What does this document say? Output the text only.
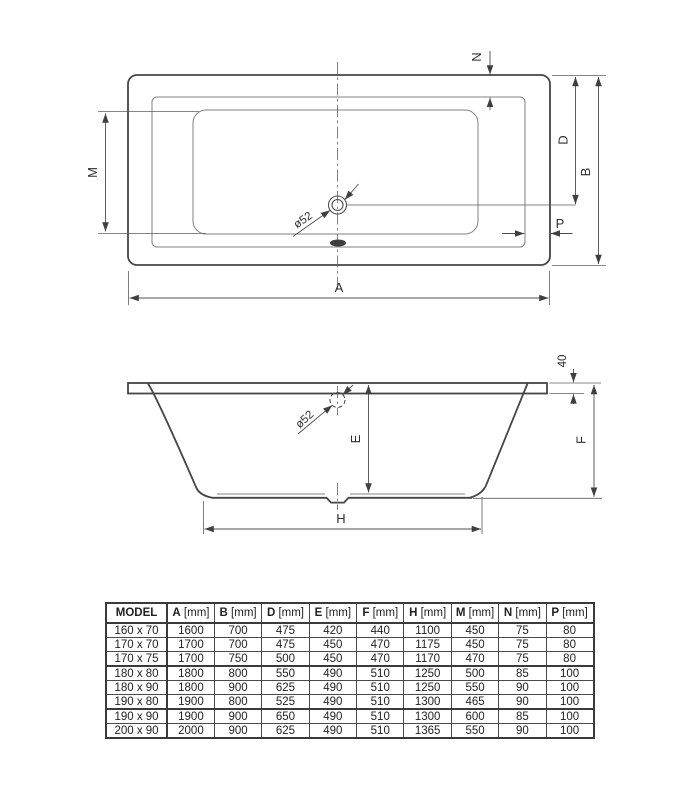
ø52
M
N
D
B
P
A
ø52
40
F
E
H
MODEL	A [mm]	B [mm]	D [mm]	E [mm]	F [mm]	H [mm]	M [mm]	N [mm]	P [mm]
160 x 70	1600	700	475	420	440	1100	450	75	80
170 x 70	1700	700	475	450	470	1175	450	75	80
170 x 75	1700	750	500	450	470	1170	470	75	80
180 x 80	1800	800	550	490	510	1250	500	85	100
180 x 90	1800	900	625	490	510	1250	550	90	100
190 x 80	1900	800	525	490	510	1300	465	90	100
190 x 90	1900	900	650	490	510	1300	600	85	100
200 x 90	2000	900	625	490	510	1365	550	90	100
